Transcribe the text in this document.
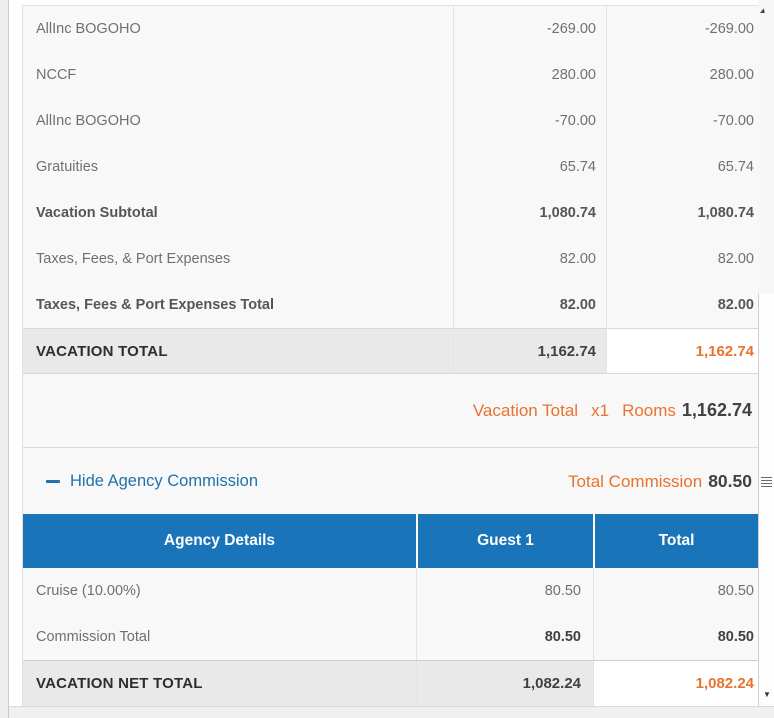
▲
▼
AllInc BOGOHO	-269.00	-269.00
NCCF	280.00	280.00
AllInc BOGOHO	-70.00	-70.00
Gratuities	65.74	65.74
Vacation Subtotal	1,080.74	1,080.74
Taxes, Fees, & Port Expenses	82.00	82.00
Taxes, Fees & Port Expenses Total	82.00	82.00
VACATION TOTAL	1,162.74	1,162.74
Vacation Total x1 Rooms 1,162.74
Hide Agency Commission	Total Commission 80.50
Agency Details	Guest 1	Total
Cruise (10.00%)	80.50	80.50
Commission Total	80.50	80.50
VACATION NET TOTAL	1,082.24	1,082.24
